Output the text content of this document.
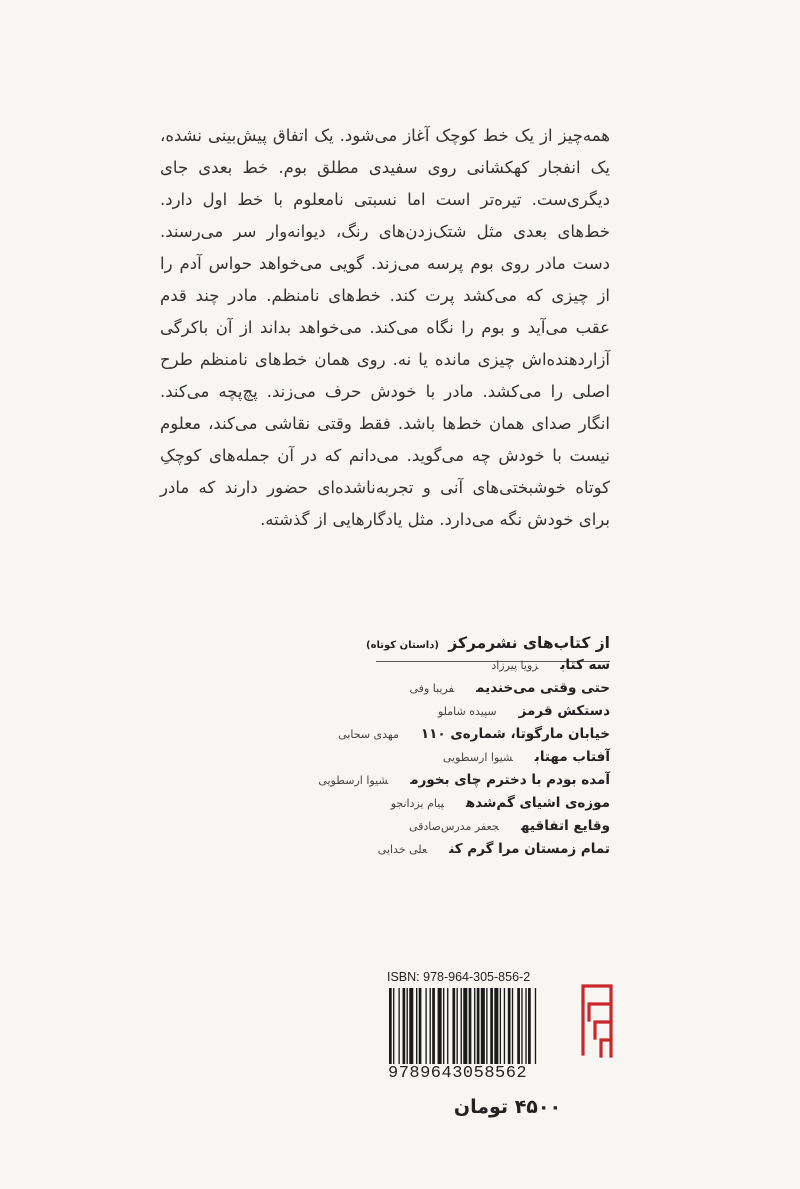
همه‌چیز از یک خط کوچک آغاز می‌شود. یک اتفاق پیش‌بینی نشده، یک انفجار کهکشانی روی سفیدی مطلق بوم. خط بعدی جای دیگری‌ست. تیره‌تر است اما نسبتی نامعلوم با خط اول دارد. خط‌های بعدی مثل شتک‌زدن‌های رنگ، دیوانه‌وار سر می‌رسند. دست مادر روی بوم پرسه می‌زند. گویی می‌خواهد حواس آدم را از چیزی که می‌کشد پرت کند. خط‌های نامنظم. مادر چند قدم عقب می‌آید و بوم را نگاه می‌کند. می‌خواهد بداند از آن باکرگی آزاردهنده‌اش چیزی مانده یا نه. روی همان خط‌های نامنظم طرح اصلی را می‌کشد. مادر با خودش حرف می‌زند. پچ‌پچه می‌کند. انگار صدای همان خط‌ها باشد. فقط وقتی نقاشی می‌کند، معلوم نیست با خودش چه می‌گوید. می‌دانم که در آن جمله‌های کوچکِ کوتاه خوشبختی‌های آنی و تجربه‌ناشده‌ای حضور دارند که مادر برای خودش نگه می‌دارد. مثل یادگارهایی از گذشته.

از کتاب‌های نشرمرکز (داستان کوتاه)
سه کتابزویا پیرزاد
حتی وقتی می‌خندیمفریبا وفی
دستکش قرمزسپیده شاملو
خیابان مارگوتا، شماره‌ی ۱۱۰مهدی سحابی
آفتاب مهتابشیوا ارسطویی
آمده بودم با دخترم چای بخورمشیوا ارسطویی
موزه‌ی اشیای گم‌شدهپیام یزدانجو
وقایع اتفاقیهجعفر مدرس‌صادقی
تمام زمستان مرا گرم کنعلی خدایی
ISBN: 978-964-305-856-2
9789643058562
۴۵۰۰ تومان
